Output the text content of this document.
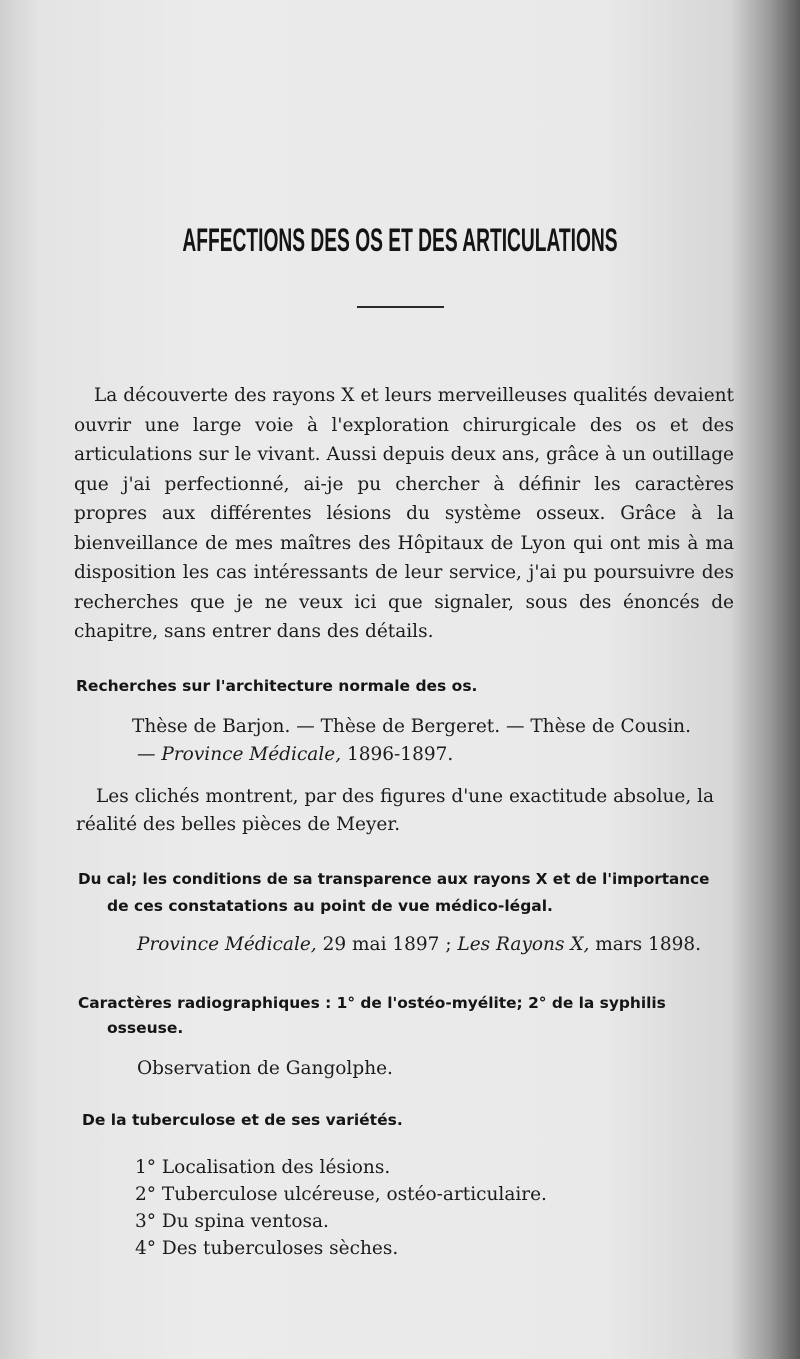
AFFECTIONS DES OS ET DES ARTICULATIONS
La découverte des rayons X et leurs merveilleuses qualités devaient ouvrir une large voie à l'exploration chirurgicale des os et des articulations sur le vivant. Aussi depuis deux ans, grâce à un outillage que j'ai perfectionné, ai-je pu chercher à définir les caractères propres aux différentes lésions du système osseux. Grâce à la bienveillance de mes maîtres des Hôpitaux de Lyon qui ont mis à ma disposition les cas intéressants de leur service, j'ai pu poursuivre des recherches que je ne veux ici que signaler, sous des énoncés de chapitre, sans entrer dans des détails.
Recherches sur l'architecture normale des os.
Thèse de Barjon. — Thèse de Bergeret. — Thèse de Cousin.
— Province Médicale, 1896-1897.
Les clichés montrent, par des figures d'une exactitude absolue, la
réalité des belles pièces de Meyer.
Du cal; les conditions de sa transparence aux rayons X et de l'importance
de ces constatations au point de vue médico-légal.
Province Médicale, 29 mai 1897 ; Les Rayons X, mars 1898.
Caractères radiographiques : 1° de l'ostéo-myélite; 2° de la syphilis
osseuse.
Observation de Gangolphe.
De la tuberculose et de ses variétés.
1° Localisation des lésions.
2° Tuberculose ulcéreuse, ostéo-articulaire.
3° Du spina ventosa.
4° Des tuberculoses sèches.
